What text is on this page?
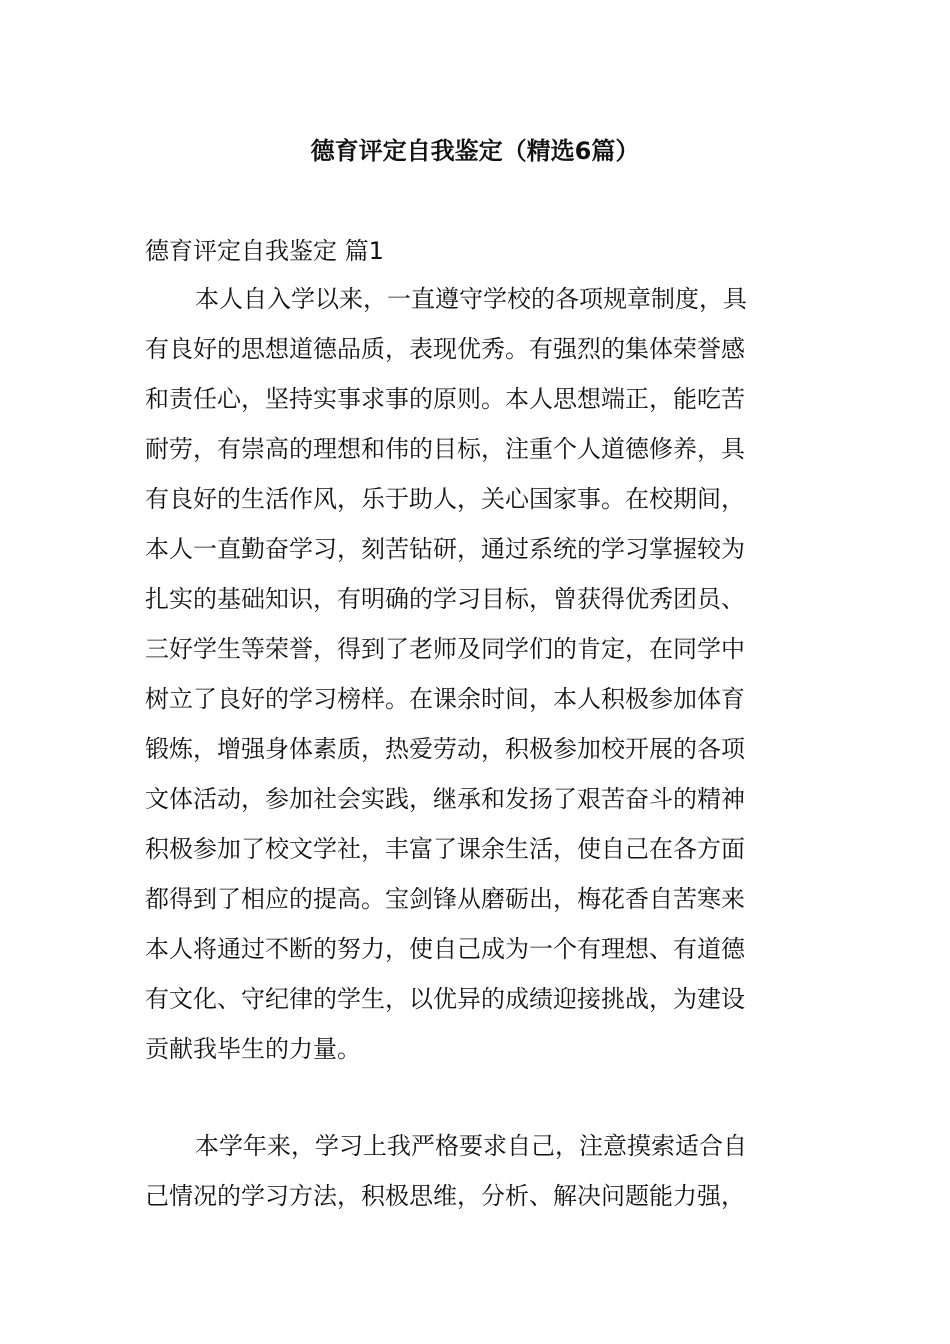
德育评定自我鉴定（精选6篇）
德育评定自我鉴定 篇1
本人自入学以来，一直遵守学校的各项规章制度，具
有良好的思想道德品质，表现优秀。有强烈的集体荣誉感
和责任心，坚持实事求事的原则。本人思想端正，能吃苦
耐劳，有崇高的理想和伟的目标，注重个人道德修养，具
有良好的生活作风，乐于助人，关心国家事。在校期间，
本人一直勤奋学习，刻苦钻研，通过系统的学习掌握较为
扎实的基础知识，有明确的学习目标，曾获得优秀团员、
三好学生等荣誉，得到了老师及同学们的肯定，在同学中
树立了良好的学习榜样。在课余时间，本人积极参加体育
锻炼，增强身体素质，热爱劳动，积极参加校开展的各项
文体活动，参加社会实践，继承和发扬了艰苦奋斗的精神
积极参加了校文学社，丰富了课余生活，使自己在各方面
都得到了相应的提高。宝剑锋从磨砺出，梅花香自苦寒来
本人将通过不断的努力，使自己成为一个有理想、有道德
有文化、守纪律的学生，以优异的成绩迎接挑战，为建设
贡献我毕生的力量。
本学年来，学习上我严格要求自己，注意摸索适合自
己情况的学习方法，积极思维，分析、解决问题能力强，
